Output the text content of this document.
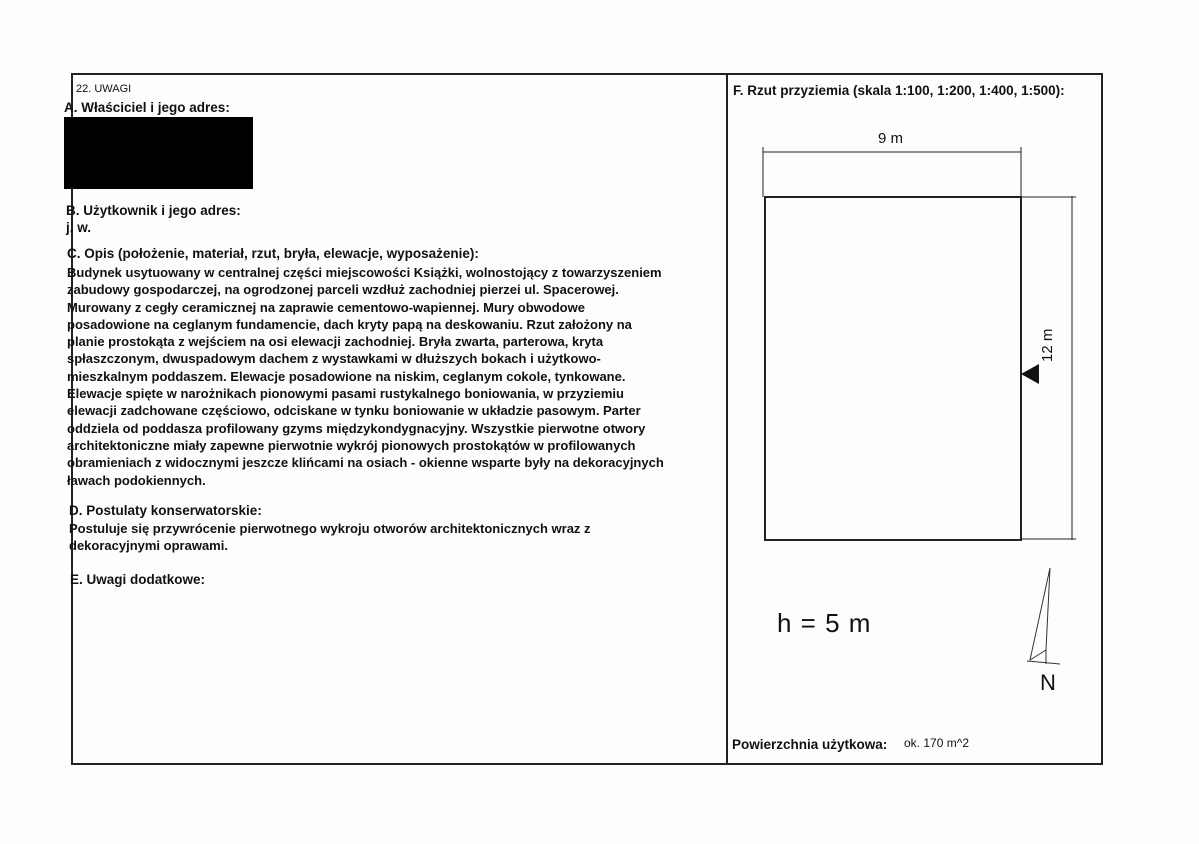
22. UWAGI
A. Właściciel i jego adres:
B. Użytkownik i jego adres:
j. w.
C. Opis (położenie, materiał, rzut, bryła, elewacje, wyposażenie):
Budynek usytuowany w centralnej części miejscowości Książki, wolnostojący z towarzyszeniem
zabudowy gospodarczej, na ogrodzonej parceli wzdłuż zachodniej pierzei ul. Spacerowej.
Murowany z cegły ceramicznej na zaprawie cementowo-wapiennej. Mury obwodowe
posadowione na ceglanym fundamencie, dach kryty papą na deskowaniu. Rzut założony na
planie prostokąta z wejściem na osi elewacji zachodniej. Bryła zwarta, parterowa, kryta
spłaszczonym, dwuspadowym dachem z wystawkami w dłuższych bokach i użytkowo-
mieszkalnym poddaszem. Elewacje posadowione na niskim, ceglanym cokole, tynkowane.
Elewacje spięte w narożnikach pionowymi pasami rustykalnego boniowania, w przyziemiu
elewacji zadchowane częściowo, odciskane w tynku boniowanie w układzie pasowym. Parter
oddziela od poddasza profilowany gzyms międzykondygnacyjny. Wszystkie pierwotne otwory
architektoniczne miały zapewne pierwotnie wykrój pionowych prostokątów w profilowanych
obramieniach z widocznymi jeszcze klińcami na osiach - okienne wsparte były na dekoracyjnych
ławach podokiennych.
D. Postulaty konserwatorskie:
Postuluje się przywrócenie pierwotnego wykroju otworów architektonicznych wraz z
dekoracyjnymi oprawami.
E. Uwagi dodatkowe:
F. Rzut przyziemia (skala 1:100, 1:200, 1:400, 1:500):
9 m
12 m
h = 5 m
N
Powierzchnia użytkowa: ok. 170 m^2
